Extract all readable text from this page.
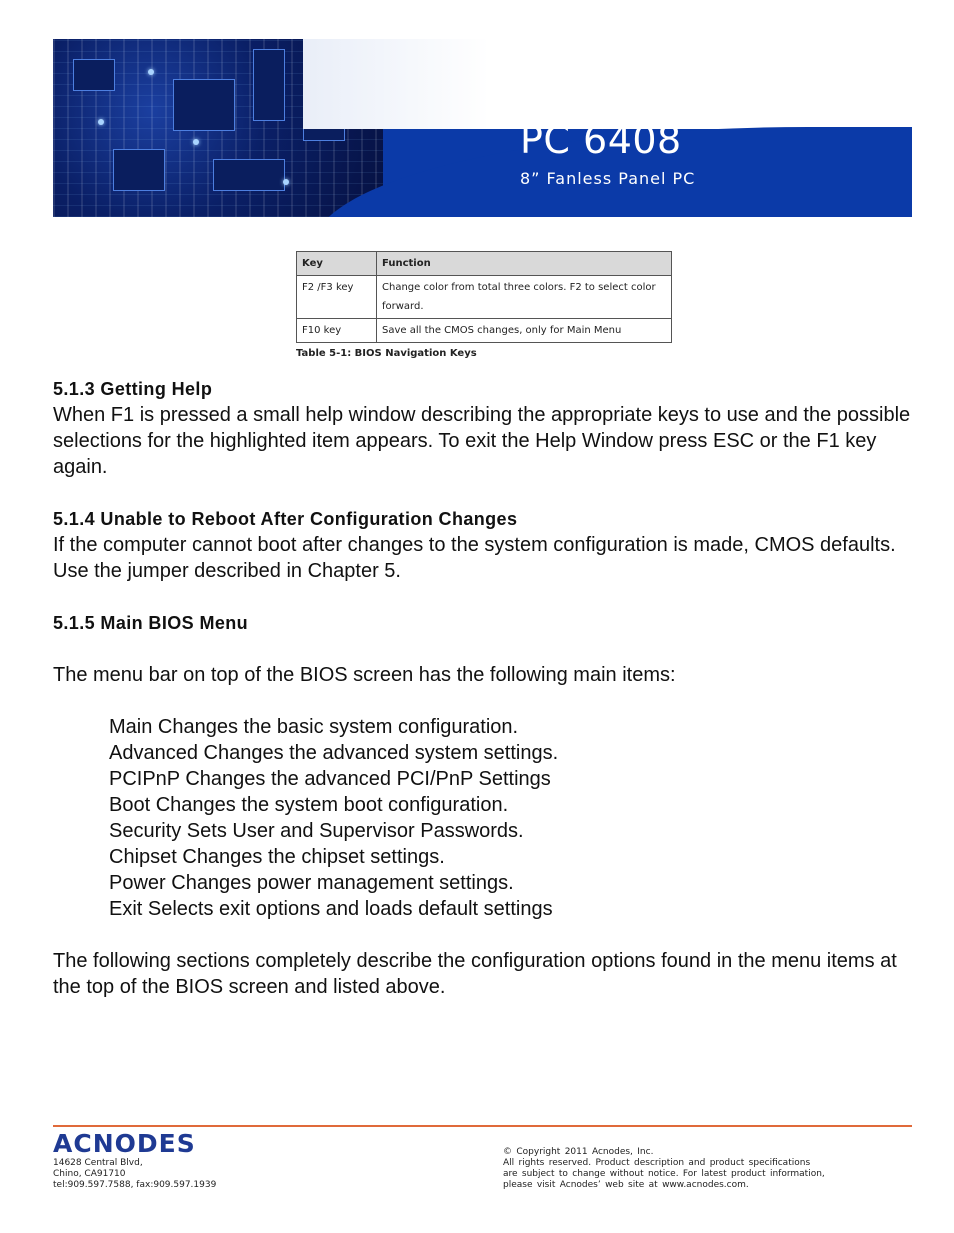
PC 6408
8” Fanless Panel PC
Key	Function
F2 /F3 key	Change color from total three colors. F2 to select color forward.
F10 key	Save all the CMOS changes, only for Main Menu
Table 5-1: BIOS Navigation Keys
5.1.3 Getting Help

When F1 is pressed a small help window describing the appropriate keys to use and the possible selections for the highlighted item appears. To exit the Help Window press ESC or the F1 key again.

5.1.4 Unable to Reboot After Configuration Changes

If the computer cannot boot after changes to the system configuration is made, CMOS defaults. Use the jumper described in Chapter 5.

5.1.5 Main BIOS Menu

The menu bar on top of the BIOS screen has the following main items:

Main Changes the basic system configuration.
Advanced Changes the advanced system settings.
PCIPnP Changes the advanced PCI/PnP Settings
Boot Changes the system boot configuration.
Security Sets User and Supervisor Passwords.
Chipset Changes the chipset settings.
Power Changes power management settings.
Exit Selects exit options and loads default settings

The following sections completely describe the configuration options found in the menu items at the top of the BIOS screen and listed above.

ACNODES
14628 Central Blvd,
Chino, CA91710
tel:909.597.7588, fax:909.597.1939
© Copyright 2011 Acnodes, Inc.
All rights reserved. Product description and product specifications
are subject to change without notice. For latest product information,
please visit Acnodes’ web site at www.acnodes.com.
